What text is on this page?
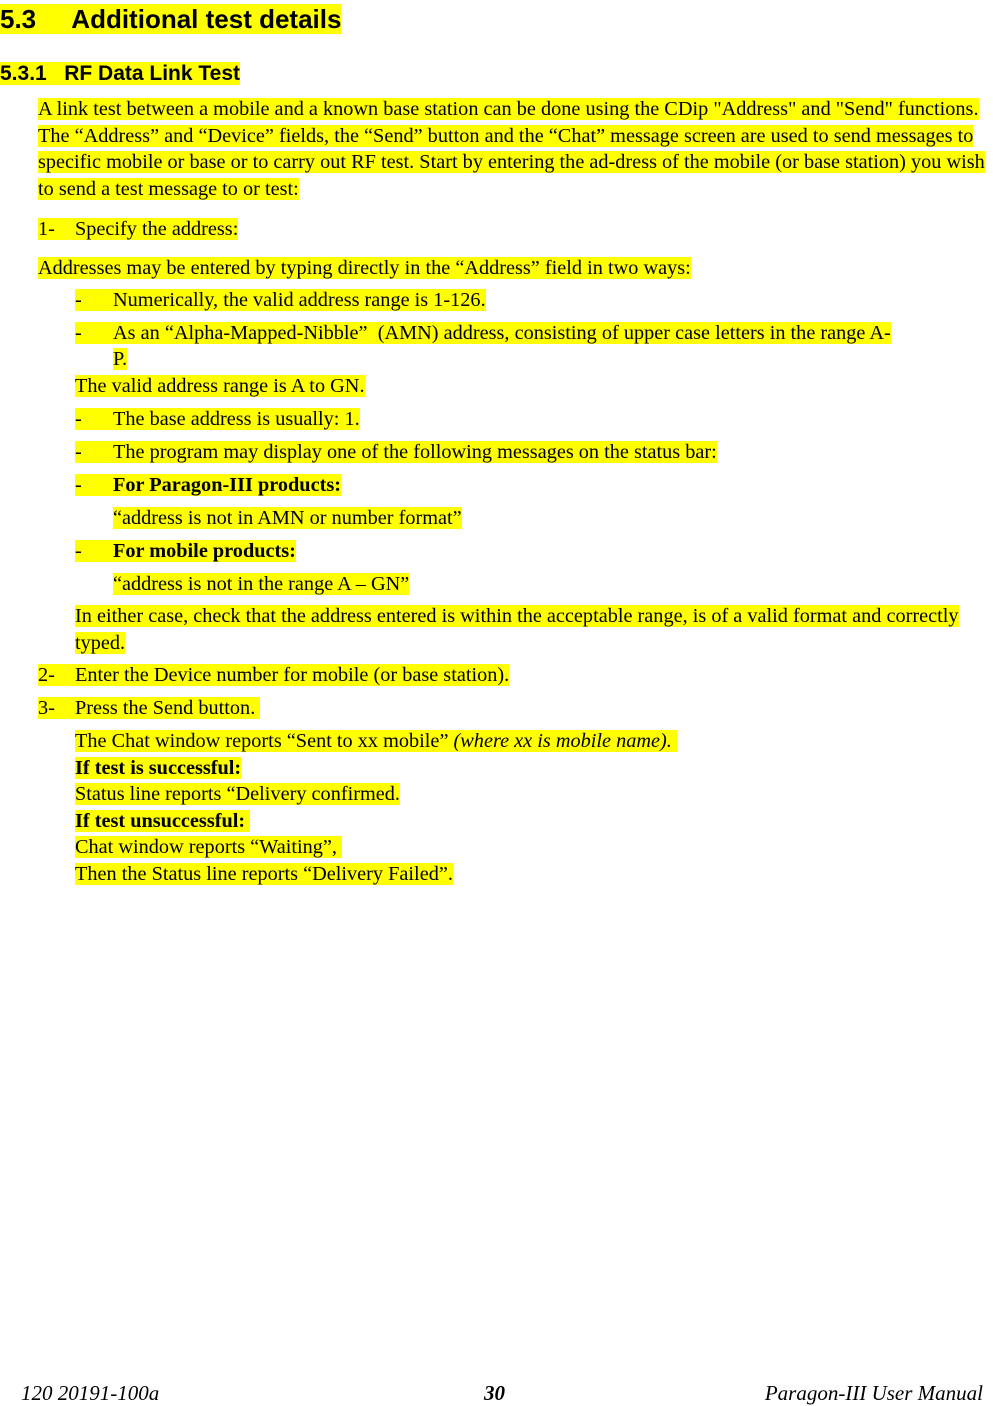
5.3     Additional test details
5.3.1   RF Data Link Test

A link test between a mobile and a known base station can be done using the CDip "Address" and "Send" functions. The “Address” and “Device” fields, the “Send” button and the “Chat” message screen are used to send messages to specific mobile or base or to carry out RF test. Start by entering the ad-dress of the mobile (or base station) you wish to send a test message to or test:

1- Specify the address:

Addresses may be entered by typing directly in the “Address” field in two ways:

- Numerically, the valid address range is 1-126.

- As an “Alpha-Mapped-Nibble”  (AMN) address, consisting of upper case letters in the range A-

P.

The valid address range is A to GN.

- The base address is usually: 1.

- The program may display one of the following messages on the status bar:

- For Paragon-III products:

“address is not in AMN or number format”

- For mobile products:

“address is not in the range A – GN”

In either case, check that the address entered is within the acceptable range, is of a valid format and correctly typed.

2- Enter the Device number for mobile (or base station).

3- Press the Send button.

The Chat window reports “Sent to xx mobile” (where xx is mobile name).

If test is successful:

Status line reports “Delivery confirmed.

If test unsuccessful:

Chat window reports “Waiting”,

Then the Status line reports “Delivery Failed”.

120 20191-100a	30	Paragon-III User Manual
